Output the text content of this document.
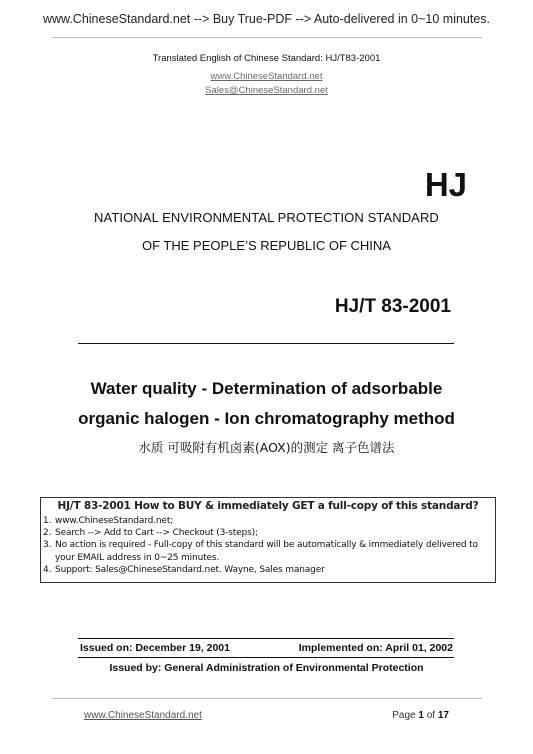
www.ChineseStandard.net --> Buy True-PDF --> Auto-delivered in 0~10 minutes.
Translated English of Chinese Standard: HJ/T83-2001
www.ChineseStandard.net
Sales@ChineseStandard.net
HJ
NATIONAL ENVIRONMENTAL PROTECTION STANDARD
OF THE PEOPLE’S REPUBLIC OF CHINA
HJ/T 83-2001
Water quality - Determination of adsorbable
organic halogen - Ion chromatography method
水质 可吸附有机卤素(AOX)的测定 离子色谱法
HJ/T 83-2001 How to BUY & immediately GET a full-copy of this standard?
1. www.ChineseStandard.net;
2. Search --> Add to Cart --> Checkout (3-steps);
3. No action is required - Full-copy of this standard will be automatically & immediately delivered to
your EMAIL address in 0~25 minutes.
4. Support: Sales@ChineseStandard.net. Wayne, Sales manager
Issued on: December 19, 2001	Implemented on: April 01, 2002
Issued by: General Administration of Environmental Protection
www.ChineseStandard.net	Page 1 of 17
